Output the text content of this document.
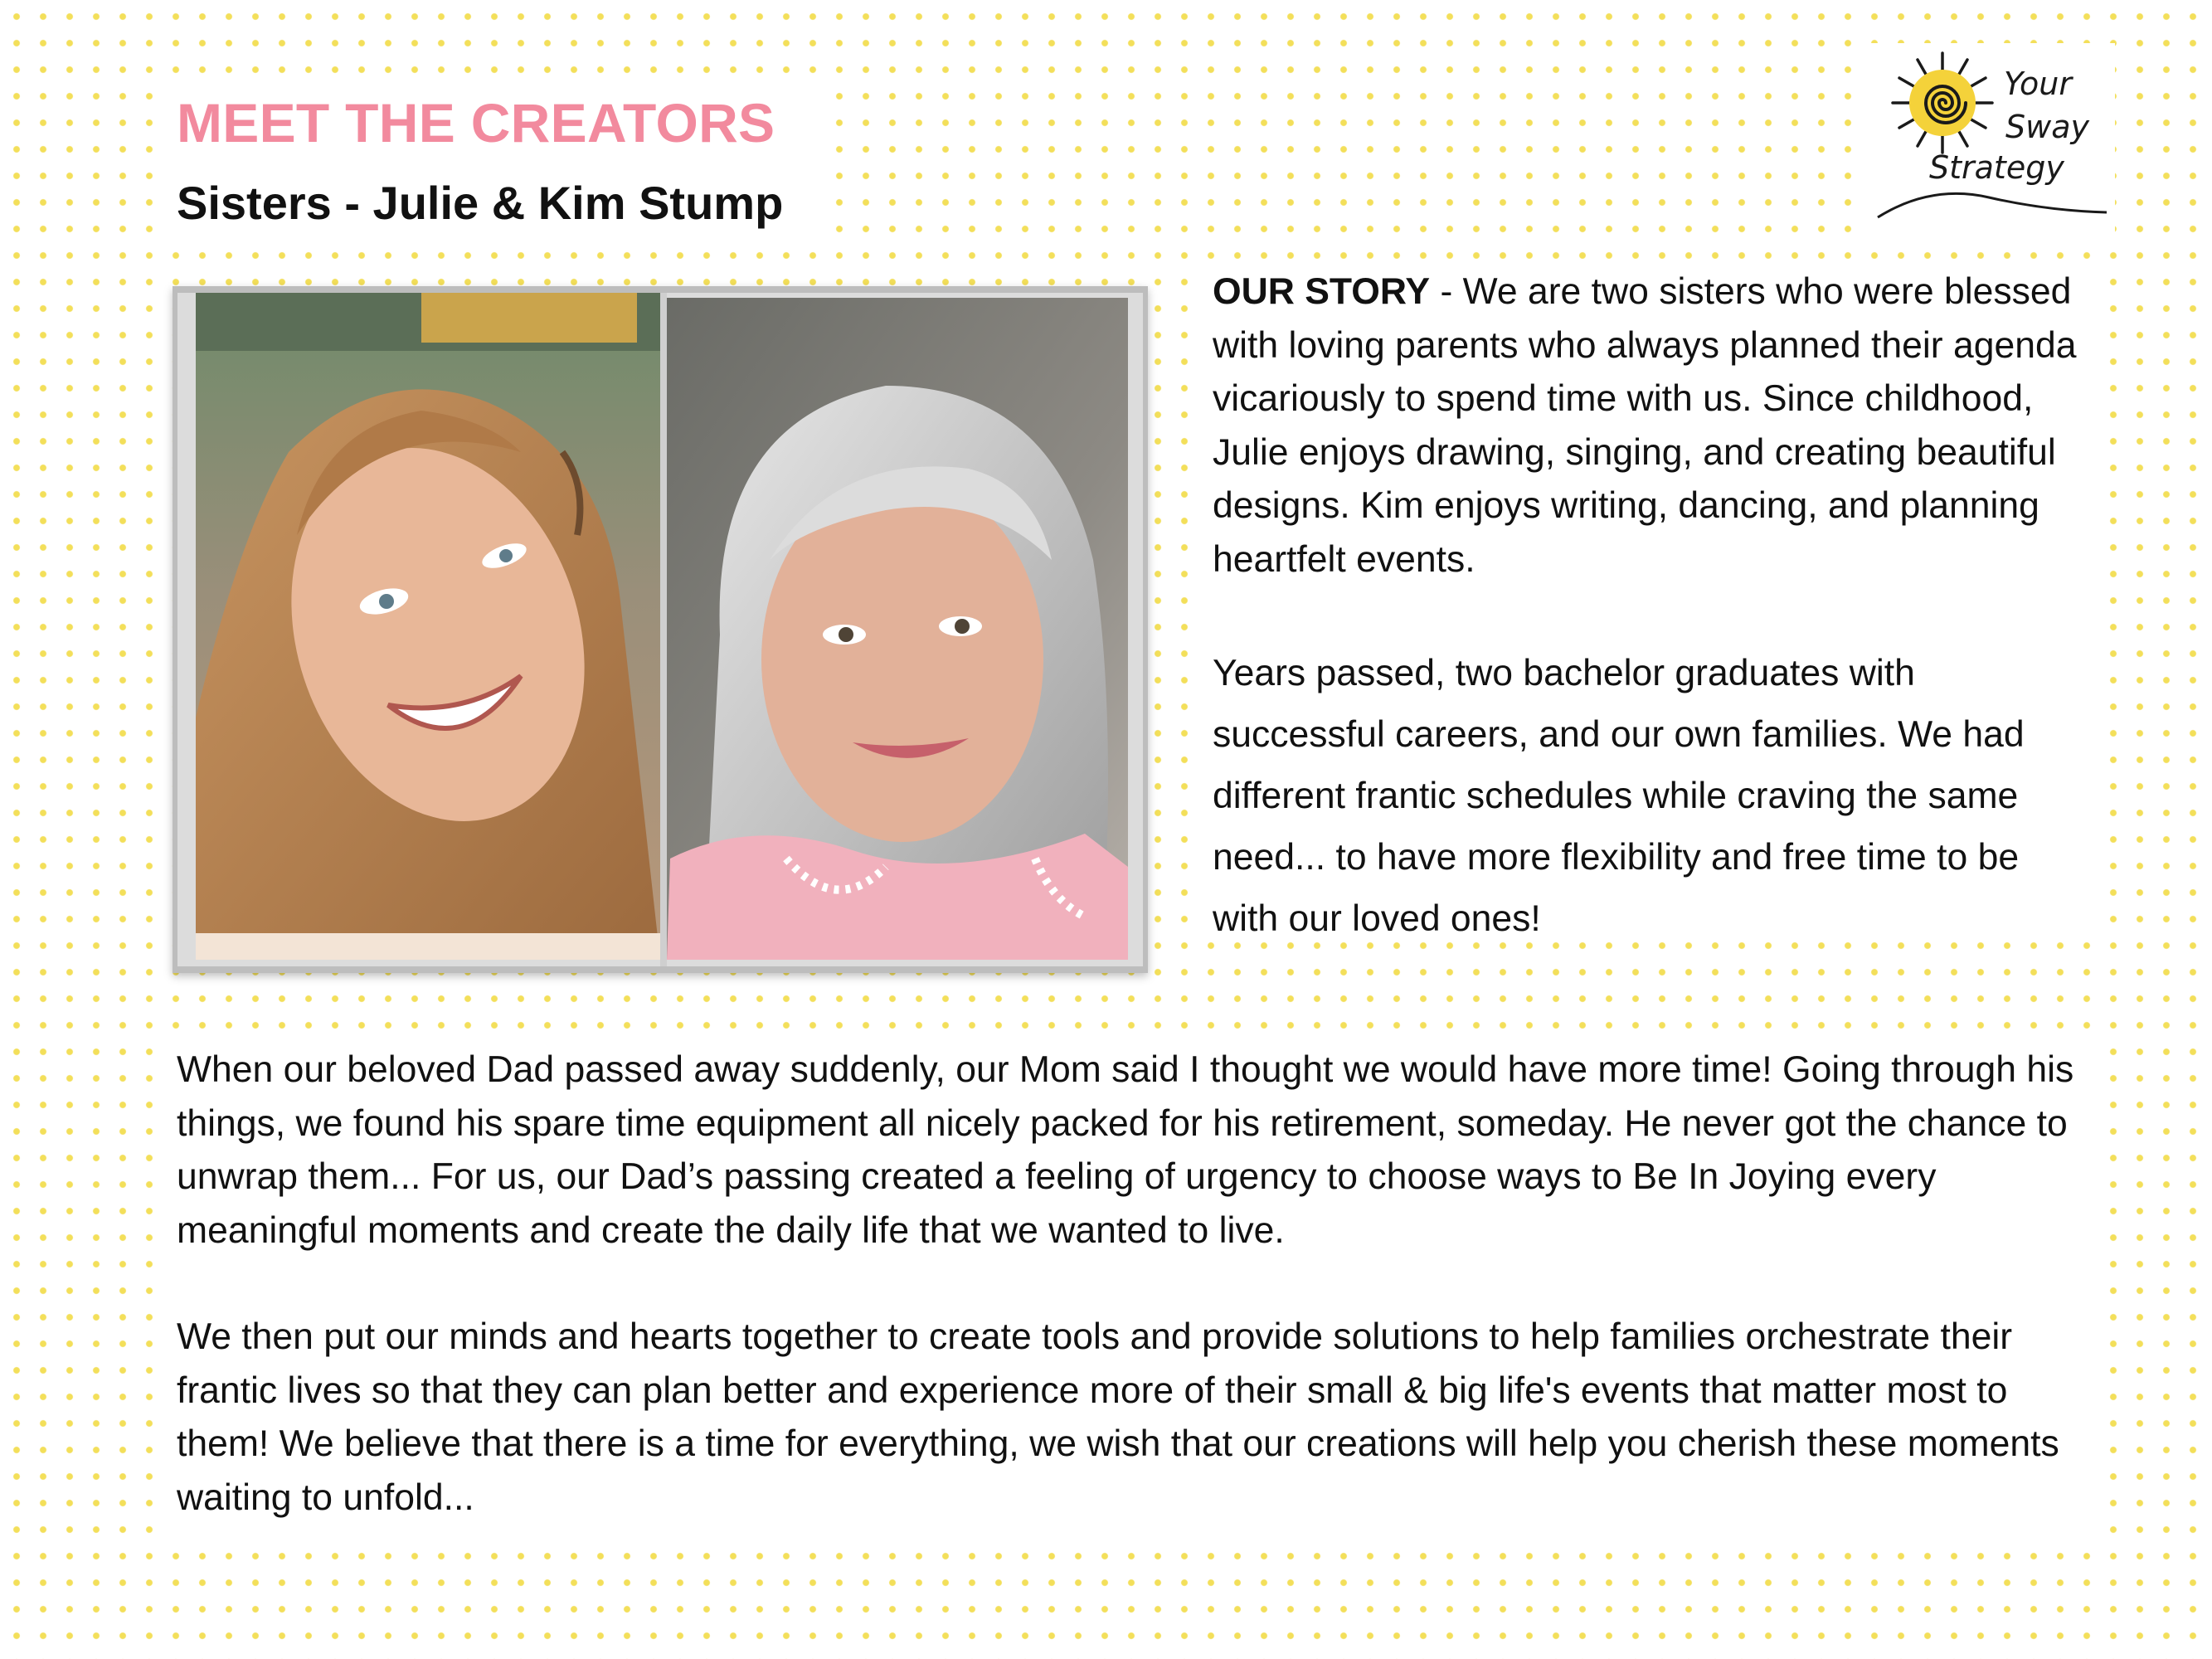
MEET THE CREATORS
Sisters - Julie & Kim Stump
Your
Sway
Strategy

OUR STORY - We are two sisters who were blessed with loving parents who always planned their agenda vicariously to spend time with us. Since childhood, Julie enjoys drawing, singing, and creating beautiful designs. Kim enjoys writing, dancing, and planning heartfelt events.

Years passed, two bachelor graduates with successful careers, and our own families. We had different frantic schedules while craving the same need... to have more flexibility and free time to be with our loved ones!

When our beloved Dad passed away suddenly, our Mom said I thought we would have more time! Going through his things, we found his spare time equipment all nicely packed for his retirement, someday. He never got the chance to unwrap them... For us, our Dad’s passing created a feeling of urgency to choose ways to Be In Joying every meaningful moments and create the daily life that we wanted to live.

We then put our minds and hearts together to create tools and provide solutions to help families orchestrate their frantic lives so that they can plan better and experience more of their small & big life's events that matter most to them! We believe that there is a time for everything, we wish that our creations will help you cherish these moments waiting to unfold...
